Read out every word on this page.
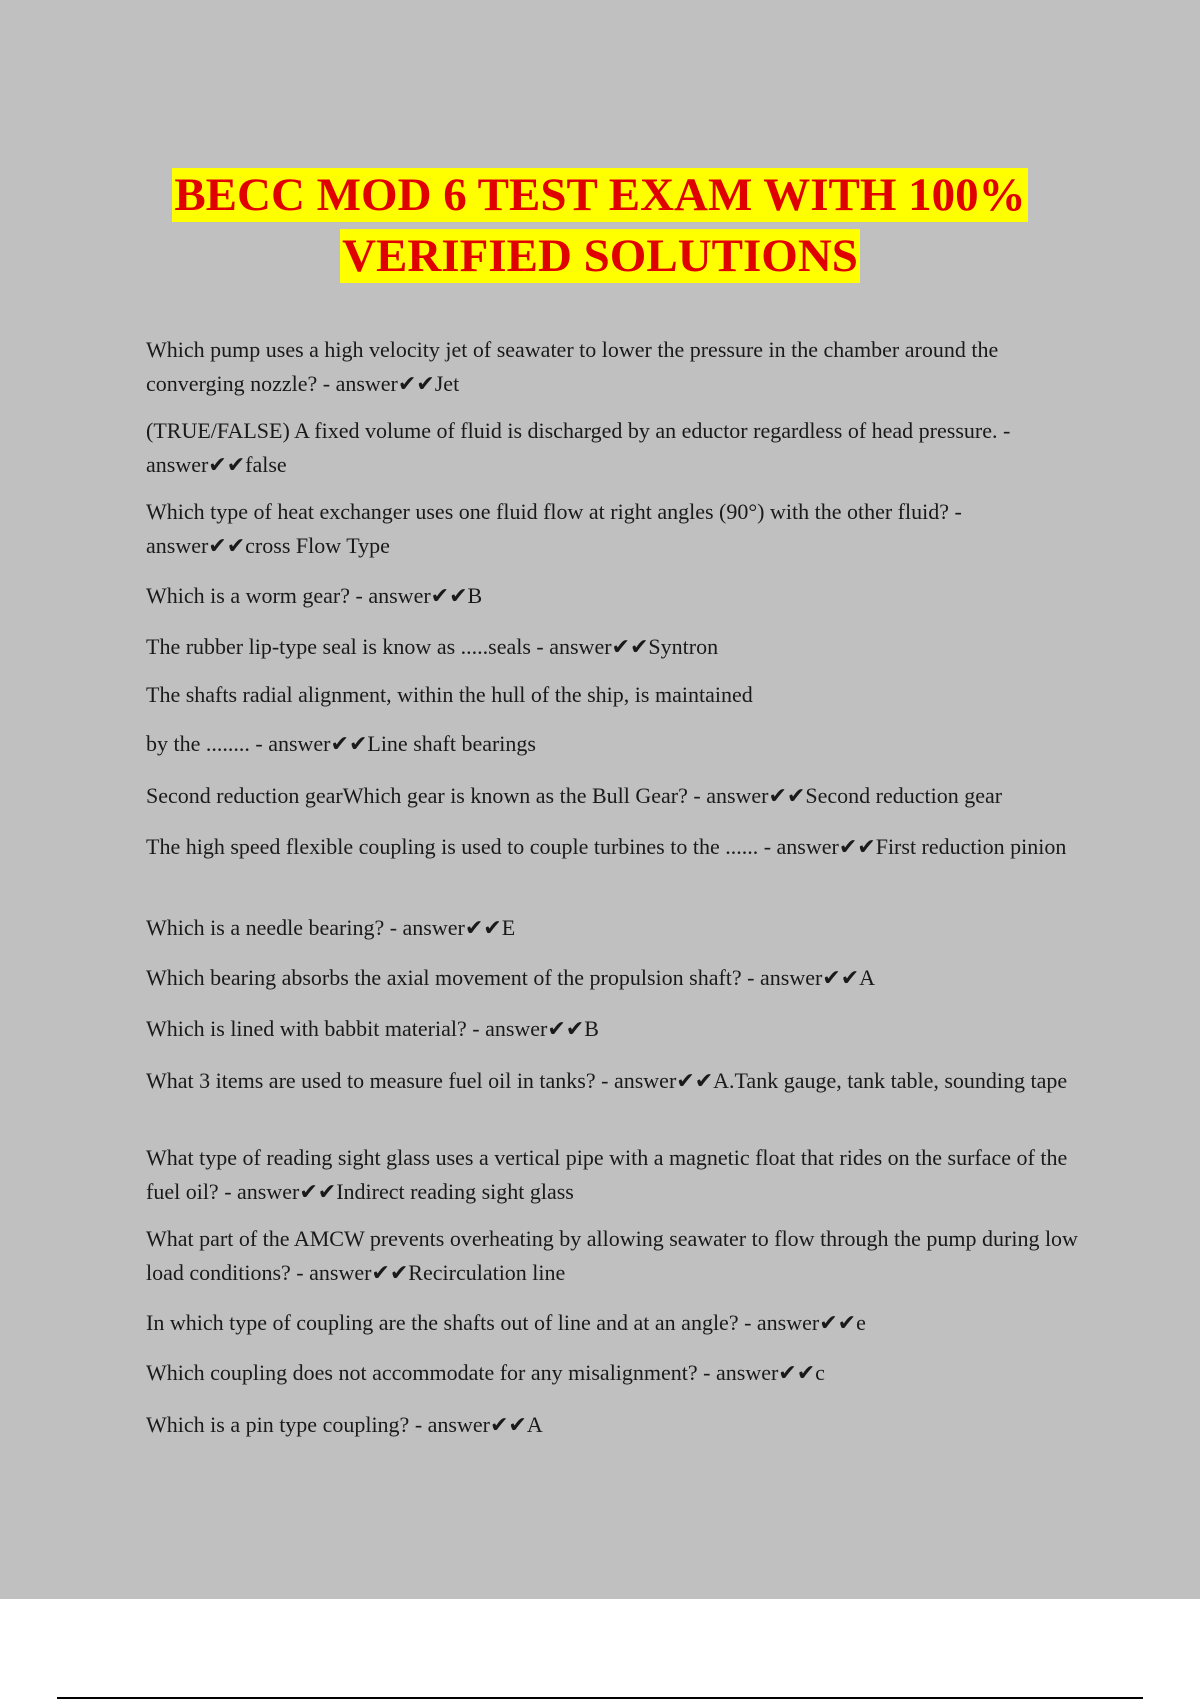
BECC MOD 6 TEST EXAM WITH 100%
VERIFIED SOLUTIONS

Which pump uses a high velocity jet of seawater to lower the pressure in the chamber around the converging nozzle? - answer✔✔Jet

(TRUE/FALSE) A fixed volume of fluid is discharged by an eductor regardless of head pressure. - answer✔✔false

Which type of heat exchanger uses one fluid flow at right angles (90°) with the other fluid? - answer✔✔cross Flow Type

Which is a worm gear? - answer✔✔B

The rubber lip-type seal is know as .....seals - answer✔✔Syntron

The shafts radial alignment, within the hull of the ship, is maintained

by the ........ - answer✔✔Line shaft bearings

Second reduction gearWhich gear is known as the Bull Gear? - answer✔✔Second reduction gear

The high speed flexible coupling is used to couple turbines to the ...... - answer✔✔First reduction pinion

Which is a needle bearing? - answer✔✔E

Which bearing absorbs the axial movement of the propulsion shaft? - answer✔✔A

Which is lined with babbit material? - answer✔✔B

What 3 items are used to measure fuel oil in tanks? - answer✔✔A.Tank gauge, tank table, sounding tape

What type of reading sight glass uses a vertical pipe with a magnetic float that rides on the surface of the fuel oil? - answer✔✔Indirect reading sight glass

What part of the AMCW prevents overheating by allowing seawater to flow through the pump during low load conditions? - answer✔✔Recirculation line

In which type of coupling are the shafts out of line and at an angle? - answer✔✔e

Which coupling does not accommodate for any misalignment? - answer✔✔c

Which is a pin type coupling? - answer✔✔A
